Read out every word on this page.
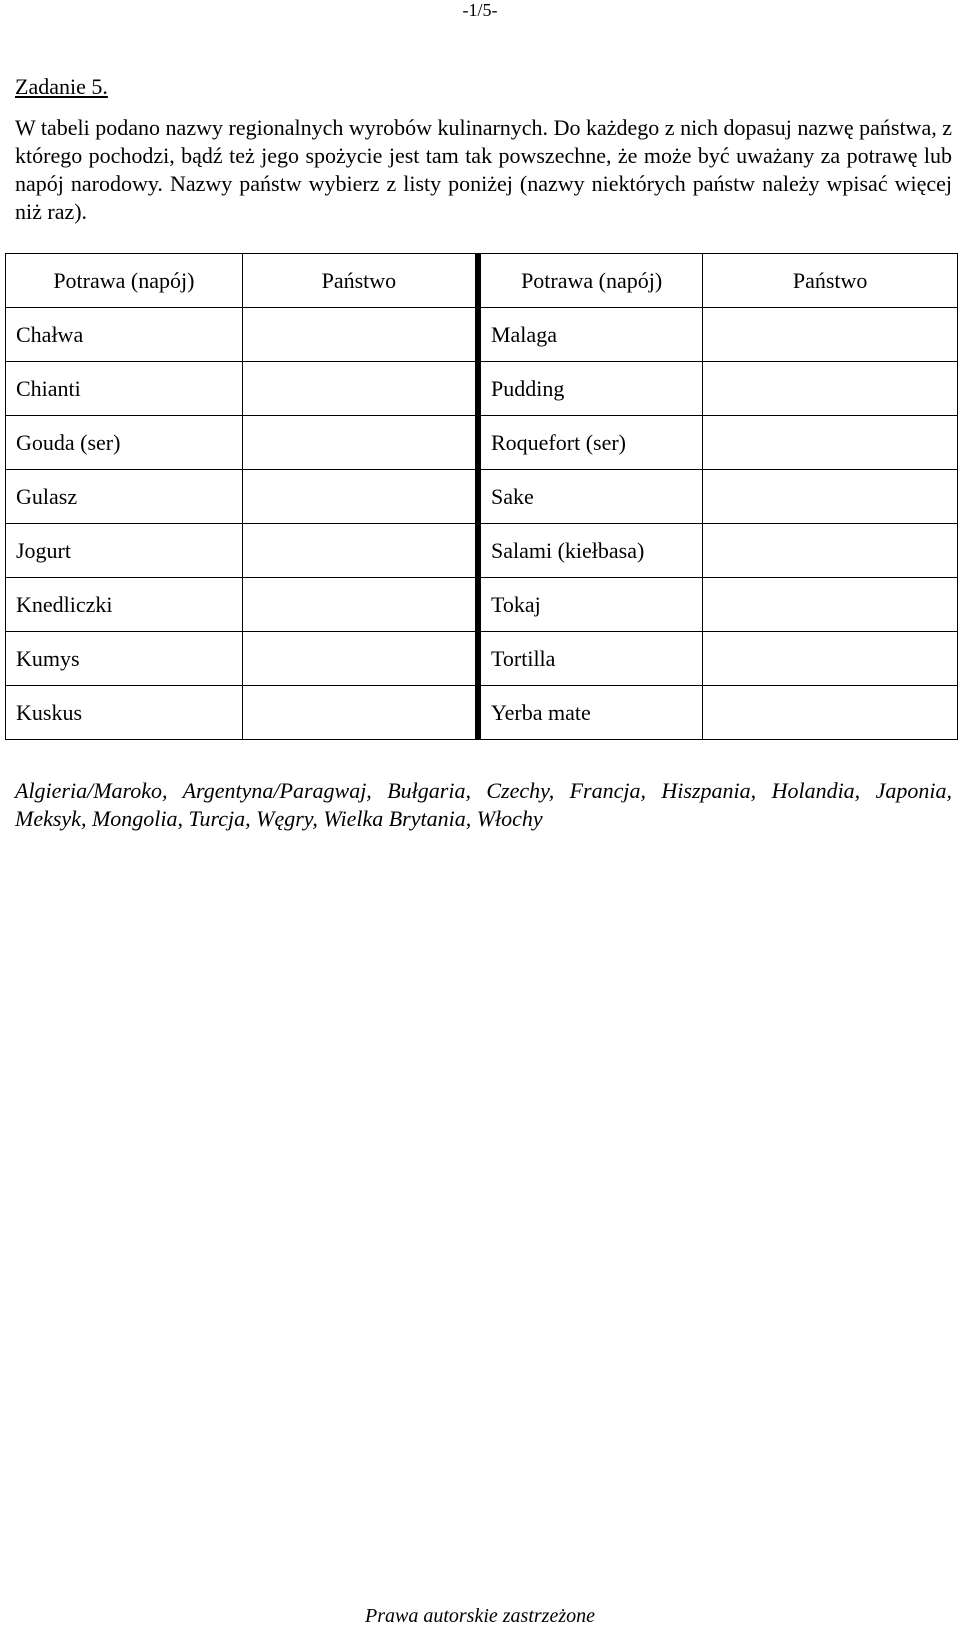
-1/5-
Zadanie 5.
W tabeli podano nazwy regionalnych wyrobów kulinarnych. Do każdego z nich dopasuj nazwę państwa, z którego pochodzi, bądź też jego spożycie jest tam tak powszechne, że może być uważany za potrawę lub napój narodowy. Nazwy państw wybierz z listy poniżej (nazwy niektórych państw należy wpisać więcej niż raz).
Potrawa (napój)	Państwo	Potrawa (napój)	Państwo
Chałwa		Malaga	
Chianti		Pudding	
Gouda (ser)		Roquefort (ser)	
Gulasz		Sake	
Jogurt		Salami (kiełbasa)	
Knedliczki		Tokaj	
Kumys		Tortilla	
Kuskus		Yerba mate	
Algieria/Maroko, Argentyna/Paragwaj, Bułgaria, Czechy, Francja, Hiszpania, Holandia, Japonia, Meksyk, Mongolia, Turcja, Węgry, Wielka Brytania, Włochy
Prawa autorskie zastrzeżone
